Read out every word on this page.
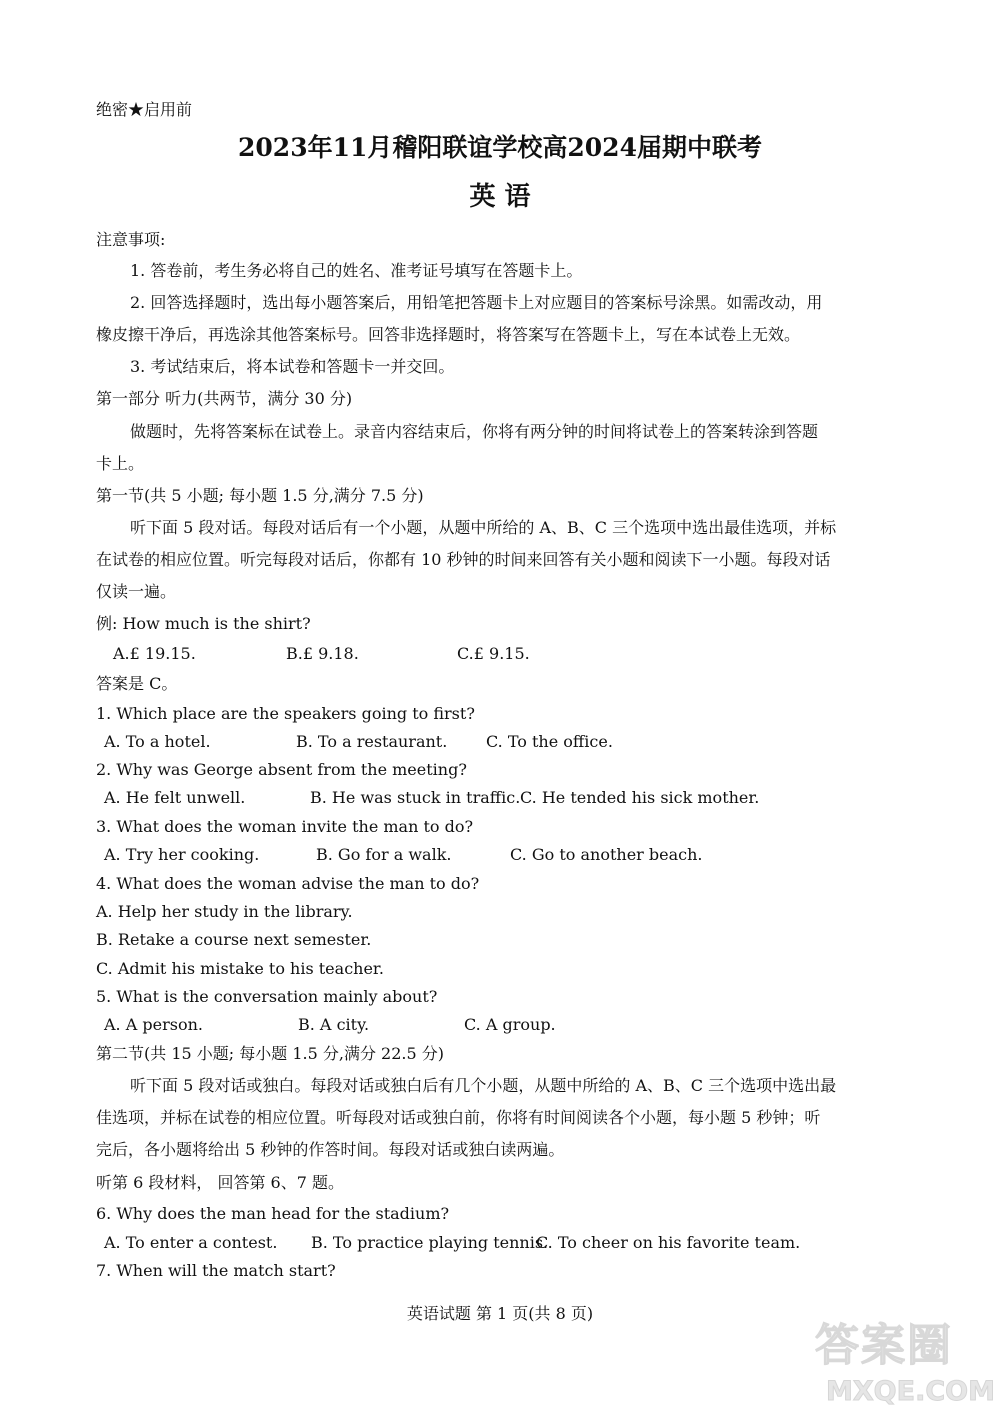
绝密★启用前
2023年11月稽阳联谊学校高2024届期中联考
英 语
注意事项:
1. 答卷前，考生务必将自己的姓名、准考证号填写在答题卡上。
2. 回答选择题时，选出每小题答案后，用铅笔把答题卡上对应题目的答案标号涂黑。如需改动，用
橡皮擦干净后，再选涂其他答案标号。回答非选择题时，将答案写在答题卡上，写在本试卷上无效。
3. 考试结束后，将本试卷和答题卡一并交回。
第一部分 听力(共两节，满分 30 分)
做题时，先将答案标在试卷上。录音内容结束后，你将有两分钟的时间将试卷上的答案转涂到答题
卡上。
第一节(共 5 小题; 每小题 1.5 分,满分 7.5 分)
听下面 5 段对话。每段对话后有一个小题，从题中所给的 A、B、C 三个选项中选出最佳选项，并标
在试卷的相应位置。听完每段对话后，你都有 10 秒钟的时间来回答有关小题和阅读下一小题。每段对话
仅读一遍。
例: How much is the shirt?
A.£ 19.15.	B.£ 9.18.	C.£ 9.15.
答案是 C。
1. Which place are the speakers going to first?
A. To a hotel.	B. To a restaurant. C. To the office.
2. Why was George absent from the meeting?
A. He felt unwell.	B. He was stuck in traffic. C. He tended his sick mother.
3. What does the woman invite the man to do?
A. Try her cooking.	B. Go for a walk.	C. Go to another beach.
4. What does the woman advise the man to do?
A. Help her study in the library.
B. Retake a course next semester.
C. Admit his mistake to his teacher.
5. What is the conversation mainly about?
A. A person.	B. A city.	C. A group.
第二节(共 15 小题; 每小题 1.5 分,满分 22.5 分)
听下面 5 段对话或独白。每段对话或独白后有几个小题，从题中所给的 A、B、C 三个选项中选出最
佳选项，并标在试卷的相应位置。听每段对话或独白前，你将有时间阅读各个小题，每小题 5 秒钟；听
完后，各小题将给出 5 秒钟的作答时间。每段对话或独白读两遍。
听第 6 段材料， 回答第 6、7 题。
6. Why does the man head for the stadium?
A. To enter a contest. B. To practice playing tennis.
C. To cheer on his favorite team.
7. When will the match start?
英语试题 第 1 页(共 8 页)
答案圈
MXQE.COM
